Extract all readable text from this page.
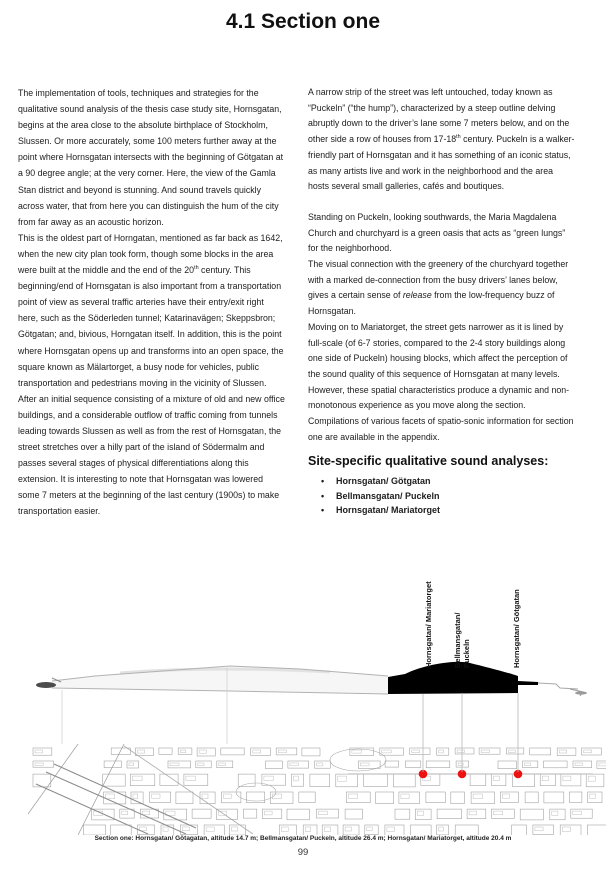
4.1 Section one

The implementation of tools, techniques and strategies for the qualitative sound analysis of the thesis case study site, Hornsgatan, begins at the area close to the absolute birthplace of Stockholm, Slussen. Or more accurately, some 100 meters further away at the point where Hornsgatan intersects with the beginning of Götgatan at a 90 degree angle; at the very corner. Here, the view of the Gamla Stan district and beyond is stunning. And sound travels quickly across water, that from here you can distinguish the hum of the city from far away as an acoustic horizon.

This is the oldest part of Horngatan, mentioned as far back as 1642, when the new city plan took form, though some blocks in the area were built at the middle and the end of the 20th century. This beginning/end of Hornsgatan is also important from a transportation point of view as several traffic arteries have their entry/exit right here, such as the Söderleden tunnel; Katarinavägen; Skeppsbron; Götgatan; and, bivious, Horngatan itself. In addition, this is the point where Hornsgatan opens up and transforms into an open space, the square known as Mälartorget, a busy node for vehicles, public transportation and pedestrians moving in the vicinity of Slussen.

After an initial sequence consisting of a mixture of old and new office buildings, and a considerable outflow of traffic coming from tunnels leading towards Slussen as well as from the rest of Hornsgatan, the street stretches over a hilly part of the island of Södermalm and passes several stages of physical differentiations along this extension. It is interesting to note that Hornsgatan was lowered some 7 meters at the beginning of the last century (1900s) to make transportation easier.

A narrow strip of the street was left untouched, today known as “Puckeln” (“the hump”), characterized by a steep outline delving abruptly down to the driver’s lane some 7 meters below, and on the other side a row of houses from 17-18th century. Puckeln is a walker-friendly part of Hornsgatan and it has something of an iconic status, as many artists live and work in the neighborhood and the area hosts several small galleries, cafés and boutiques.

Standing on Puckeln, looking southwards, the Maria Magdalena Church and churchyard is a green oasis that acts as “green lungs” for the neighborhood.

The visual connection with the greenery of the churchyard together with a marked de-connection from the busy drivers’ lanes below, gives a certain sense of release from the low-frequency buzz of Hornsgatan.

Moving on to Mariatorget, the street gets narrower as it is lined by full-scale (of 6-7 stories, compared to the 2-4 story buildings along one side of Puckeln) housing blocks, which affect the perception of the sound quality of this sequence of Hornsgatan at many levels. However, these spatial characteristics produce a dynamic and non-monotonous experience as you move along the section.

Compilations of various facets of spatio-sonic information for section one are available in the appendix.

Site-specific qualitative sound analyses:
• Hornsgatan/ Götgatan
• Bellmansgatan/ Puckeln
• Hornsgatan/ Mariatorget
Hornsgatan/ Mariatorget	Bellmansgatan/ Puckeln	Hornsgatan/ Götgatan
Section one: Hornsgatan/ Götagatan, altitude 14.7 m; Bellmansgatan/ Puckeln, altitude 26.4 m; Hornsgatan/ Mariatorget, altitude 20.4 m
99
